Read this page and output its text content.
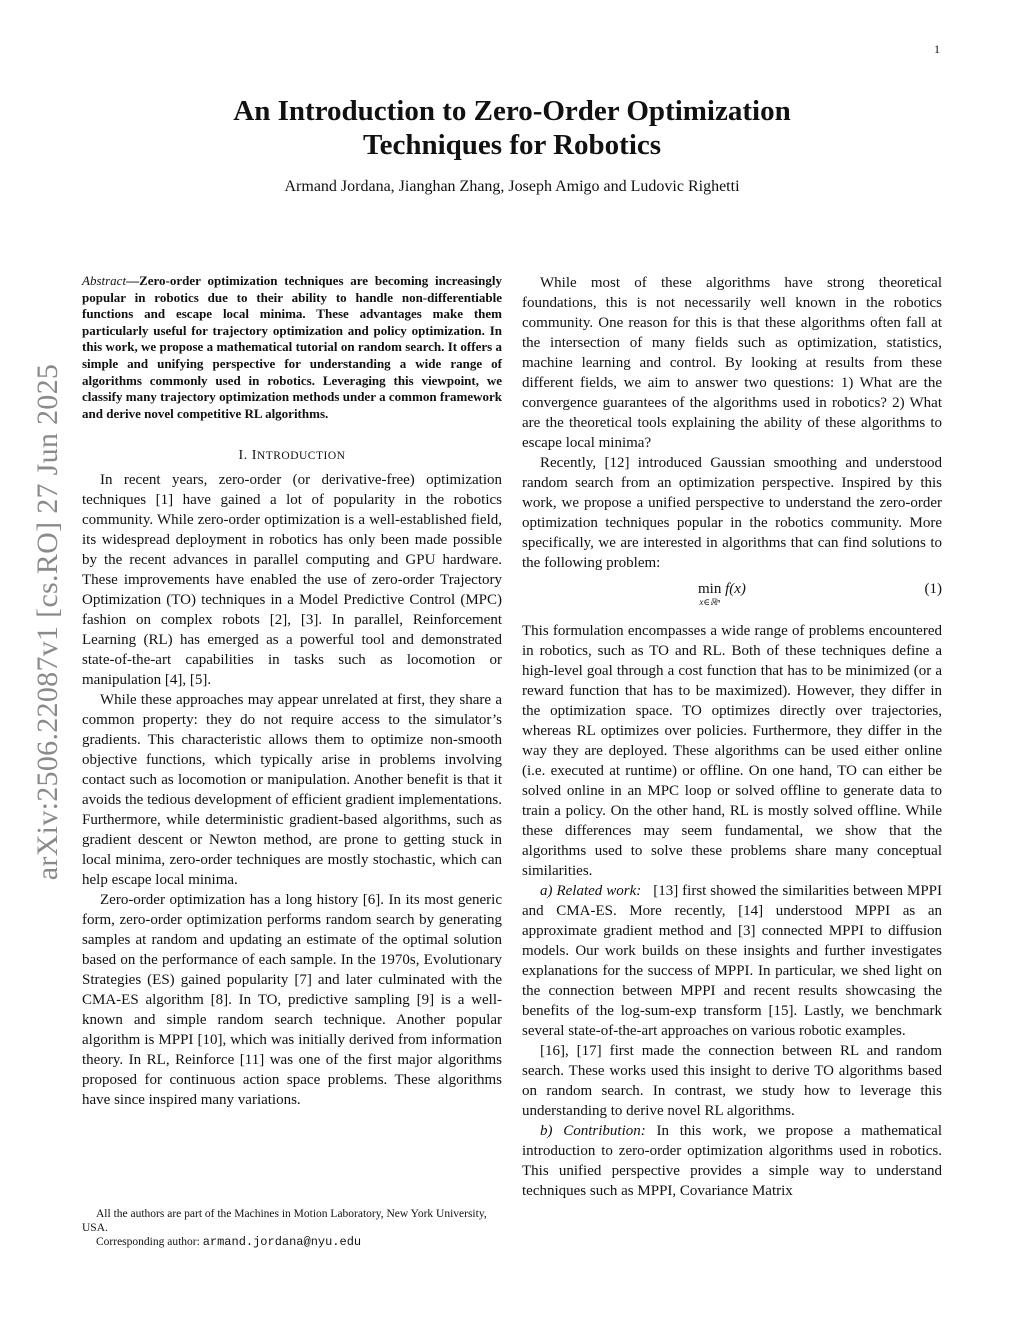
1
arXiv:2506.22087v1 [cs.RO] 27 Jun 2025
An Introduction to Zero-Order Optimization
Techniques for Robotics
Armand Jordana, Jianghan Zhang, Joseph Amigo and Ludovic Righetti
Abstract—Zero-order optimization techniques are becoming increasingly popular in robotics due to their ability to handle non-differentiable functions and escape local minima. These advantages make them particularly useful for trajectory optimization and policy optimization. In this work, we propose a mathematical tutorial on random search. It offers a simple and unifying perspective for understanding a wide range of algorithms commonly used in robotics. Leveraging this viewpoint, we classify many trajectory optimization methods under a common framework and derive novel competitive RL algorithms.
I. INTRODUCTION

In recent years, zero-order (or derivative-free) optimization techniques [1] have gained a lot of popularity in the robotics community. While zero-order optimization is a well-established field, its widespread deployment in robotics has only been made possible by the recent advances in parallel computing and GPU hardware. These improvements have enabled the use of zero-order Trajectory Optimization (TO) techniques in a Model Predictive Control (MPC) fashion on complex robots [2], [3]. In parallel, Reinforcement Learning (RL) has emerged as a powerful tool and demonstrated state-of-the-art capabilities in tasks such as locomotion or manipulation [4], [5].

While these approaches may appear unrelated at first, they share a common property: they do not require access to the simulator’s gradients. This characteristic allows them to optimize non-smooth objective functions, which typically arise in problems involving contact such as locomotion or manipulation. Another benefit is that it avoids the tedious development of efficient gradient implementations. Furthermore, while deterministic gradient-based algorithms, such as gradient descent or Newton method, are prone to getting stuck in local minima, zero-order techniques are mostly stochastic, which can help escape local minima.

Zero-order optimization has a long history [6]. In its most generic form, zero-order optimization performs random search by generating samples at random and updating an estimate of the optimal solution based on the performance of each sample. In the 1970s, Evolutionary Strategies (ES) gained popularity [7] and later culminated with the CMA-ES algorithm [8]. In TO, predictive sampling [9] is a well-known and simple random search technique. Another popular algorithm is MPPI [10], which was initially derived from information theory. In RL, Reinforce [11] was one of the first major algorithms proposed for continuous action space problems. These algorithms have since inspired many variations.

All the authors are part of the Machines in Motion Laboratory, New York University, USA.

Corresponding author: armand.jordana@nyu.edu

While most of these algorithms have strong theoretical foundations, this is not necessarily well known in the robotics community. One reason for this is that these algorithms often fall at the intersection of many fields such as optimization, statistics, machine learning and control. By looking at results from these different fields, we aim to answer two questions: 1) What are the convergence guarantees of the algorithms used in robotics? 2) What are the theoretical tools explaining the ability of these algorithms to escape local minima?

Recently, [12] introduced Gaussian smoothing and understood random search from an optimization perspective. Inspired by this work, we propose a unified perspective to understand the zero-order optimization techniques popular in the robotics community. More specifically, we are interested in algorithms that can find solutions to the following problem:

min
x∈ℝⁿ
f(x)	(1)

This formulation encompasses a wide range of problems encountered in robotics, such as TO and RL. Both of these techniques define a high-level goal through a cost function that has to be minimized (or a reward function that has to be maximized). However, they differ in the optimization space. TO optimizes directly over trajectories, whereas RL optimizes over policies. Furthermore, they differ in the way they are deployed. These algorithms can be used either online (i.e. executed at runtime) or offline. On one hand, TO can either be solved online in an MPC loop or solved offline to generate data to train a policy. On the other hand, RL is mostly solved offline. While these differences may seem fundamental, we show that the algorithms used to solve these problems share many conceptual similarities.

a) Related work: [13] first showed the similarities between MPPI and CMA-ES. More recently, [14] understood MPPI as an approximate gradient method and [3] connected MPPI to diffusion models. Our work builds on these insights and further investigates explanations for the success of MPPI. In particular, we shed light on the connection between MPPI and recent results showcasing the benefits of the log-sum-exp transform [15]. Lastly, we benchmark several state-of-the-art approaches on various robotic examples.

[16], [17] first made the connection between RL and random search. These works used this insight to derive TO algorithms based on random search. In contrast, we study how to leverage this understanding to derive novel RL algorithms.

b) Contribution: In this work, we propose a mathematical introduction to zero-order optimization algorithms used in robotics. This unified perspective provides a simple way to understand techniques such as MPPI, Covariance Matrix
